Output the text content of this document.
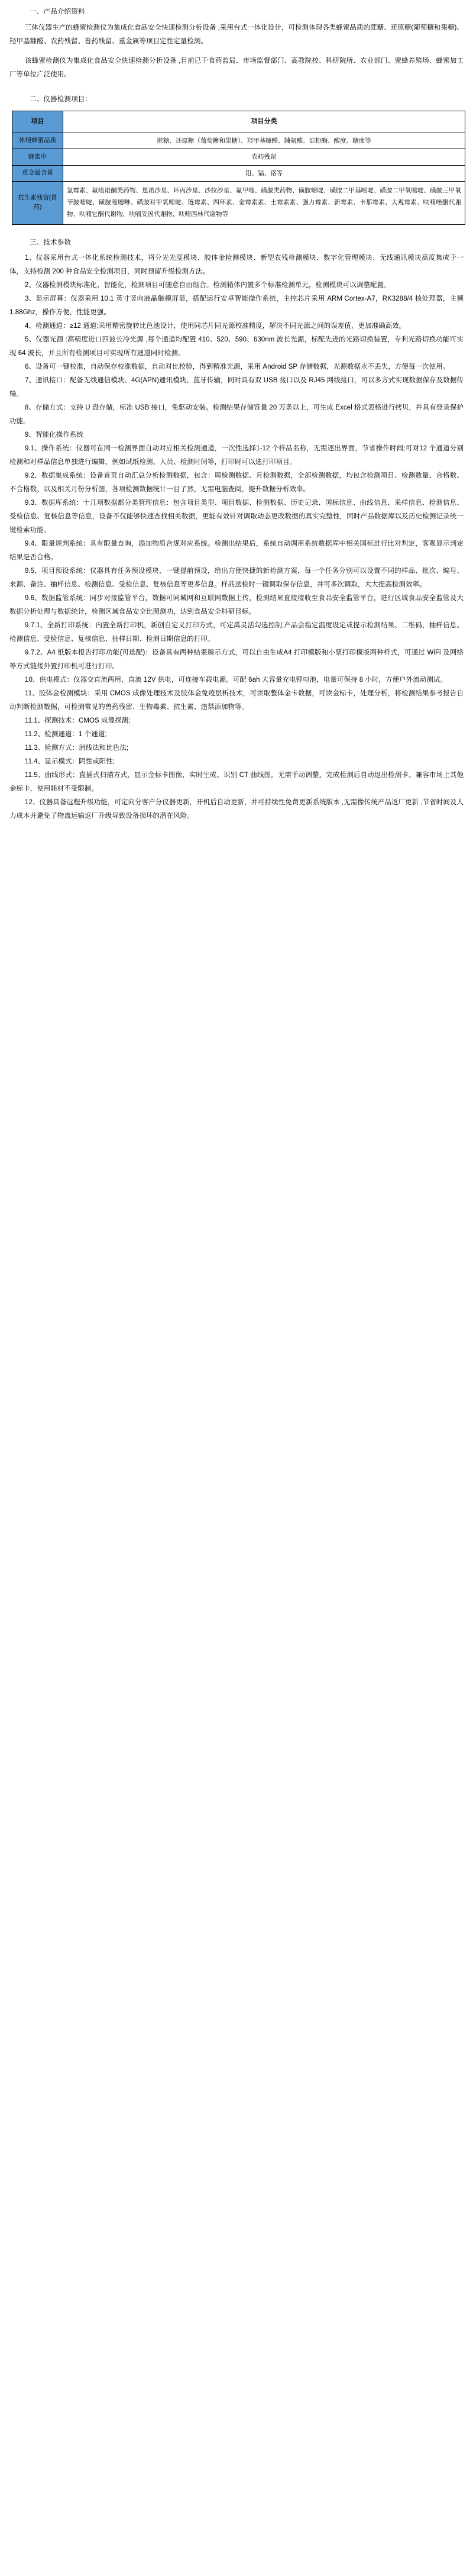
一、产品介绍资料

三体仪器生产的蜂蜜检测仪为集成化食品安全快速检测分析设备 ,采用台式一体化设计，可检测体现各类蜂蜜品质的蔗糖、还原糖(葡萄糖和果糖)、羟甲基糠醛、农药残留、兽药残留、重金属等项目定性定量检测。

该蜂蜜检测仪为集成化食品安全快速检测分析设备 ,目前已于食药监局、市场监督部门、高教院校、科研院所、农业部门、蜜蜂养殖场、蜂蜜加工厂等单位广泛使用。

二、仪器检测项目：
项目	项目分类
体现蜂蜜品质	蔗糖、还原糖（葡萄糖和果糖）、羟甲基糠醛、脯氨酸、淀粉酶、酸度、糖度等
蜂蜜中	农药残留
重金属含量	铅、镉、铬等
抗生素残留(兽药)	氯霉素、氟喹诺酮类药物、恩诺沙星、环丙沙星、沙拉沙星、氟甲喹、磺胺类药物、磺胺嘧啶、磺胺二甲基嘧啶、磺胺二甲氧嘧啶、磺胺三甲氧苄胺嘧啶、磺胺喹噁啉、磺胺对甲氧嘧啶、链霉素、四环素、金霉素素、土霉素素、强力霉素、新霉素、卡那霉素、大观霉素、呋喃唑酮代谢物、呋喃它酮代谢物、呋喃妥因代谢物、呋喃西林代谢物等
三、技术参数

1、仪器采用台式一体化系统检测技术，将分光光度模块、胶体金检测模块、新型农残检测模块、数字化管理模块、无线通讯模块高度集成于一体，支持检测 200 种食品安全检测项目，同时预留升级检测方法。

2、仪器检测模块标准化、智能化，检测项目可随意自由组合。检测箱体内置多个标准检测单元，检测模块可以调整配置。

3、显示屏幕：仪器采用 10.1 英寸竖向液晶触摸屏显，搭配运行安卓智能操作系统，主控芯片采用 ARM Cortex-A7，RK3288/4 核处理器，主频 1.88Ghz，操作方便，性能更强。

4、检测通道：≥12 通道;采用精密旋转比色池设计，使用同芯片同光源校准精度，解决不同光源之间的误差值，更加准确高效。

5、仪器光源 :高精度进口四波长冷光源 ,每个通道均配置 410、520、590、630nm 波长光源，标配先进的光路切换装置，专利光路切换功能可实现 64 波长，并且所有检测项目可实现所有通道同时检测。

6、设备可一键校准，自动保存校准数据，自动对比校验，得到精准光源，采用 Android SP 存储数据，光源数据永不丢失，方便每一次使用。

7、通讯接口：配备无线通信模块、4G(APN)通讯模块、蓝牙传输，同时具有双 USB 接口以及 RJ45 网线接口，可以多方式实现数据保存及数据传输。

8、存储方式：支持 U 盘存储，标准 USB 接口，免驱动安装。检测结果存储容量 20 万条以上，可生成 Excel 格式表格进行拷贝，并具有登录保护功能。

9、智能化操作系统

9.1、操作系统：仪器可在同一检测界面自动对应相关检测通道，一次性选择1-12 个样品名称，无需逐出界面，节省操作时间;可对12 个通道分别检测和对样品信息单独进行编辑，例如试纸检测、人员、检测时间等，打印时可以选打印项目。

9.2、数据集成系统：设备首页自动汇总分析检测数据，包含：周检测数据、月检测数据，全部检测数据，均包含检测项目、检测数量、合格数、不合格数，以及相关月份分析图，各项检测数据统计一目了然，无需电脑查阅，提升数据分析效率。

9.3、数据库系统：十几项数据都分类管理信息：包含项目类型、项目数据、检测数据、历史记录、国标信息、曲线信息、采样信息、检测信息、受检信息、复核信息等信息，设备不仅能够快速查找相关数据，更能有效针对调取动态更改数据的真实完整性，同时产品数据库以及历史检测记录统一键检索功能。

9.4、限量规判系统：具有限量查询，添加物质合规对应系统。检测出结果后，系统自动调用系统数据库中相关国标进行比对判定，客观显示判定结果是否合格。

9.5、项目预设系统：仪器具有任务预设模块，一键提前预设，给出方便快捷的新检测方案，每一个任务分别可以设置不同的样品、批次、编号、来源、备注、抽样信息、检测信息、受检信息、复核信息等更多信息。样品送检时一键调取保存信息，并可多次调取，大大提高检测效率。

9.6、数据监管系统：同步对接监管平台，数据可同城网和互联网数据上传，检测结果直接接收至食品安全监管平台，进行区域食品安全监管及大数据分析处理与数据统计，检测区域食品安全比照测功，达到食品安全科研目标。

9.7.1、全新打印系统：内置全新打印机，新创自定义打印方式，可定禹灵活勾选控制;产品会指定温度设定或提示检测结果、二维码，抽样信息、检测信息、受检信息、复核信息、抽样日期、检测日期信息的打印。

9.7.2、A4 纸版本报告打印功能(可选配)：设备具有两种结果展示方式，可以自由生成A4 打印模版和小票打印模版两种样式，可通过 WiFi 及网络等方式链接外置打印机可进行打印。

10、供电模式：仪器交直流两用，直流 12V 供电，可连接车载电源。可配 6ah 大容量充电锂电池，电量可保持 8 小时，方便户外流动测试。

11、胶体金检测模块：采用 CMOS 成像处理技术及胶体金免疫层析技术，可读取整体金卡数据，可读金标卡，处理分析，将检测结果参考报告自动判断检测数据，可检测常见的兽药残留、生物毒素、抗生素、违禁添加物等。

11.1、探测技术：CMOS 成像探测;

11.2、检测通道：1 个通道;

11.3、检测方式：消线法和比色法;

11.4、显示模式：阴性或阳性;

11.5、曲线形式：直插式扫描方式，显示金标卡图像，实时生成、识别 CT 曲线图，无需手动调整，完成检测后自动退出检测卡。兼容市场上其他金标卡，使用耗材不受限制。

12、仪器具备远程升级功能，可定向分客户分仪器更新，开机后自动更新，并可持续性免费更新系统版本 ,无需像传统产品返厂更新 ,节省时间及人力成本并避免了物流运输返厂升级导致设备损坏的潜在风险。
